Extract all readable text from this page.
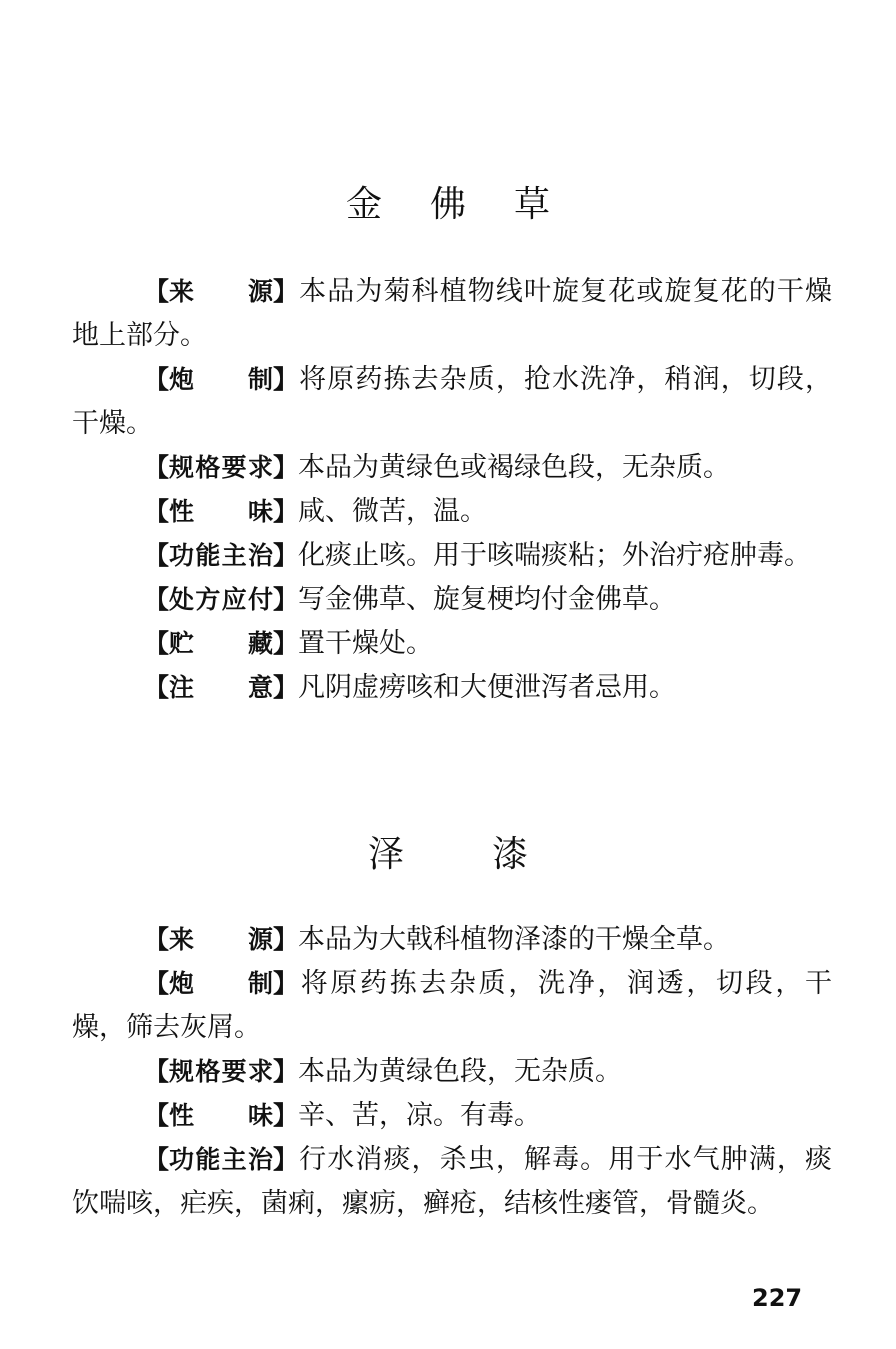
金 佛 草

【来源】本品为菊科植物线叶旋复花或旋复花的干燥地上部分。

【炮制】将原药拣去杂质，抢水洗净，稍润，切段，干燥。

【规格要求】本品为黄绿色或褐绿色段，无杂质。

【性味】咸、微苦，温。

【功能主治】化痰止咳。用于咳喘痰粘；外治疔疮肿毒。

【处方应付】写金佛草、旋复梗均付金佛草。

【贮藏】置干燥处。

【注意】凡阴虚痨咳和大便泄泻者忌用。

泽 漆

【来源】本品为大戟科植物泽漆的干燥全草。

【炮制】将原药拣去杂质，洗净，润透，切段，干燥，筛去灰屑。

【规格要求】本品为黄绿色段，无杂质。

【性味】辛、苦，凉。有毒。

【功能主治】行水消痰，杀虫，解毒。用于水气肿满，痰饮喘咳，疟疾，菌痢，瘰疬，癣疮，结核性瘘管，骨髓炎。

227
